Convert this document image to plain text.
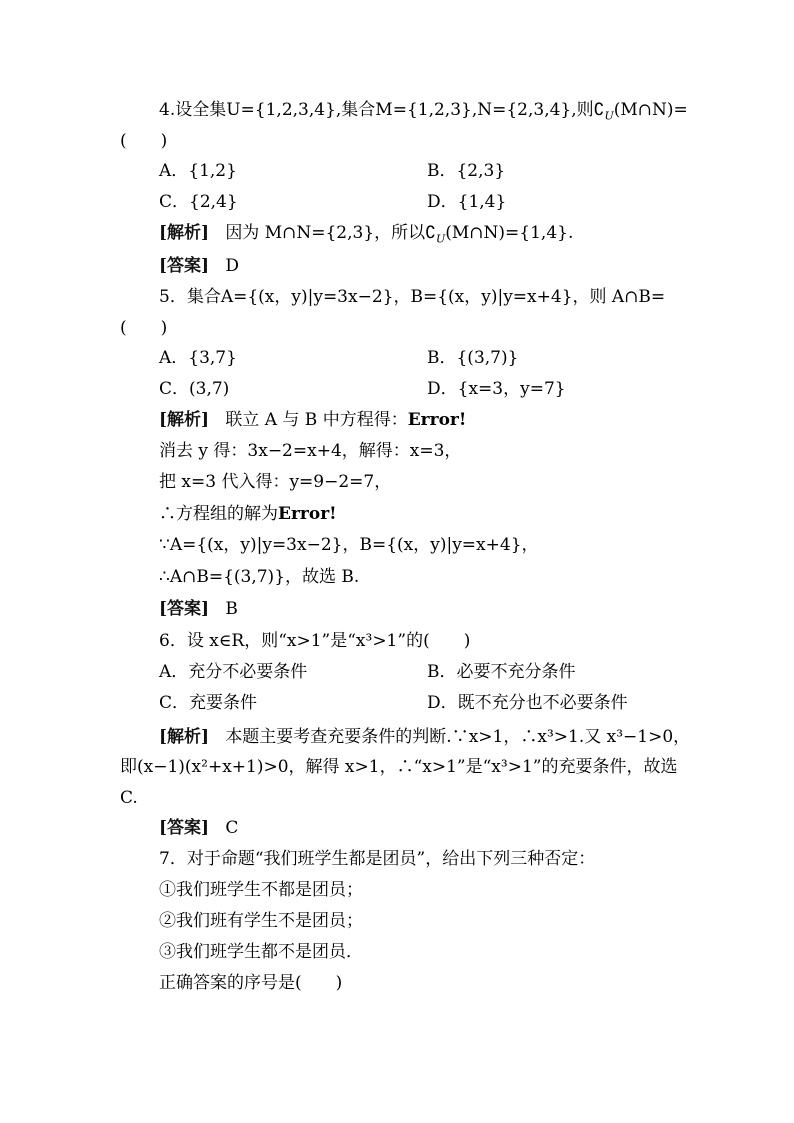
4.设全集U={1,2,3,4},集合M={1,2,3},N={2,3,4},则$∁_U(M\cap N)=$
(　　)
A．{1,2}	B．{2,3}
C．{2,4}	D．{1,4}
[解析] 因为 M∩N={2,3}，所以$∁_U(M\cap N)=\{1,4\}$.
[答案] D
5．集合A={(x，y)|y=3x−2}，B={(x，y)|y=x+4}，则 A∩B=
(　　)
A．{3,7}	B．{(3,7)}
C．(3,7)	D．{x=3，y=7}
[解析] 联立 A 与 B 中方程得：Error!
消去 y 得：3x−2=x+4，解得：x=3，
把 x=3 代入得：y=9−2=7，
∴方程组的解为Error!
∵A={(x，y)|y=3x−2}，B={(x，y)|y=x+4}，
∴A∩B={(3,7)}，故选 B.
[答案] B
6．设 x∈R，则“x>1”是“x³>1”的(　　)
A．充分不必要条件	B．必要不充分条件
C．充要条件	D．既不充分也不必要条件
[解析] 本题主要考查充要条件的判断.∵x>1，∴x³>1.又 x³−1>0，
即(x−1)(x²+x+1)>0，解得 x>1，∴“x>1”是“x³>1”的充要条件，故选
C.
[答案] C
7．对于命题“我们班学生都是团员”，给出下列三种否定：
①我们班学生不都是团员；
②我们班有学生不是团员；
③我们班学生都不是团员．
正确答案的序号是(　　)
